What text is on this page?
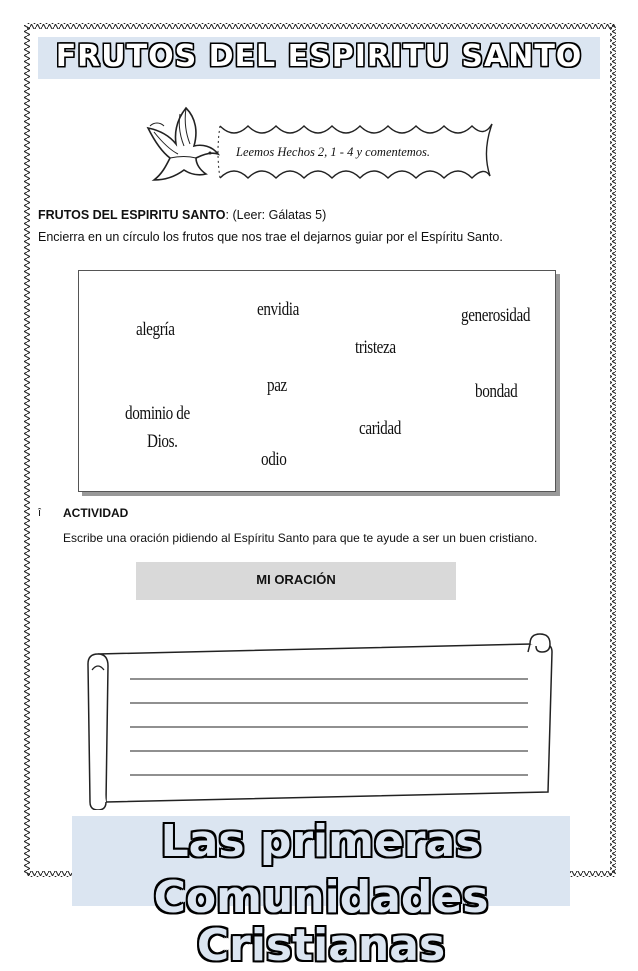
FRUTOS DEL ESPIRITU SANTO
Leemos Hechos 2, 1 - 4 y comentemos.
FRUTOS DEL ESPIRITU SANTO: (Leer: Gálatas 5)
Encierra en un círculo los frutos que nos trae el dejarnos guiar por el Espíritu Santo.
alegría
envidia	generosidad
tristeza
paz	bondad
dominio de
Dios.
caridad
odio
î ACTIVIDAD
Escribe una oración pidiendo al Espíritu Santo para que te ayude a ser un buen cristiano.
MI ORACIÓN
Las primeras
Comunidades Cristianas
